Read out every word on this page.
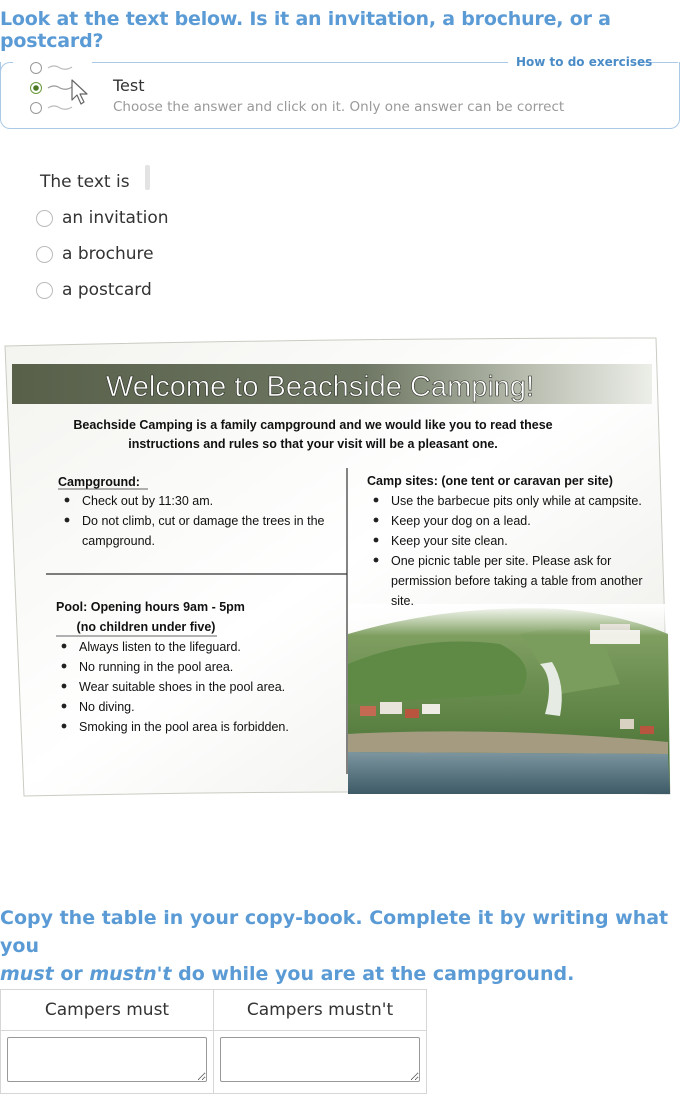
Look at the text below. Is it an invitation, a brochure, or a postcard?
How to do exercises
Test
Choose the answer and click on it. Only one answer can be correct
The text is
an invitation
a brochure
a postcard
Welcome to Beachside Camping!
Beachside Camping is a family campground and we would like you to read these
instructions and rules so that your visit will be a pleasant one.
Campground:
Check out by 11:30 am.
Do not climb, cut or damage the trees in the
campground.
Camp sites: (one tent or caravan per site)
Use the barbecue pits only while at campsite.
Keep your dog on a lead.
Keep your site clean.
One picnic table per site. Please ask for
permission before taking a table from another
site.
Pool: Opening hours 9am - 5pm
(no children under five)
Always listen to the lifeguard.
No running in the pool area.
Wear suitable shoes in the pool area.
No diving.
Smoking in the pool area is forbidden.
Copy the table in your copy-book. Complete it by writing what you
must or mustn't do while you are at the campground.
Campers must	Campers mustn't
